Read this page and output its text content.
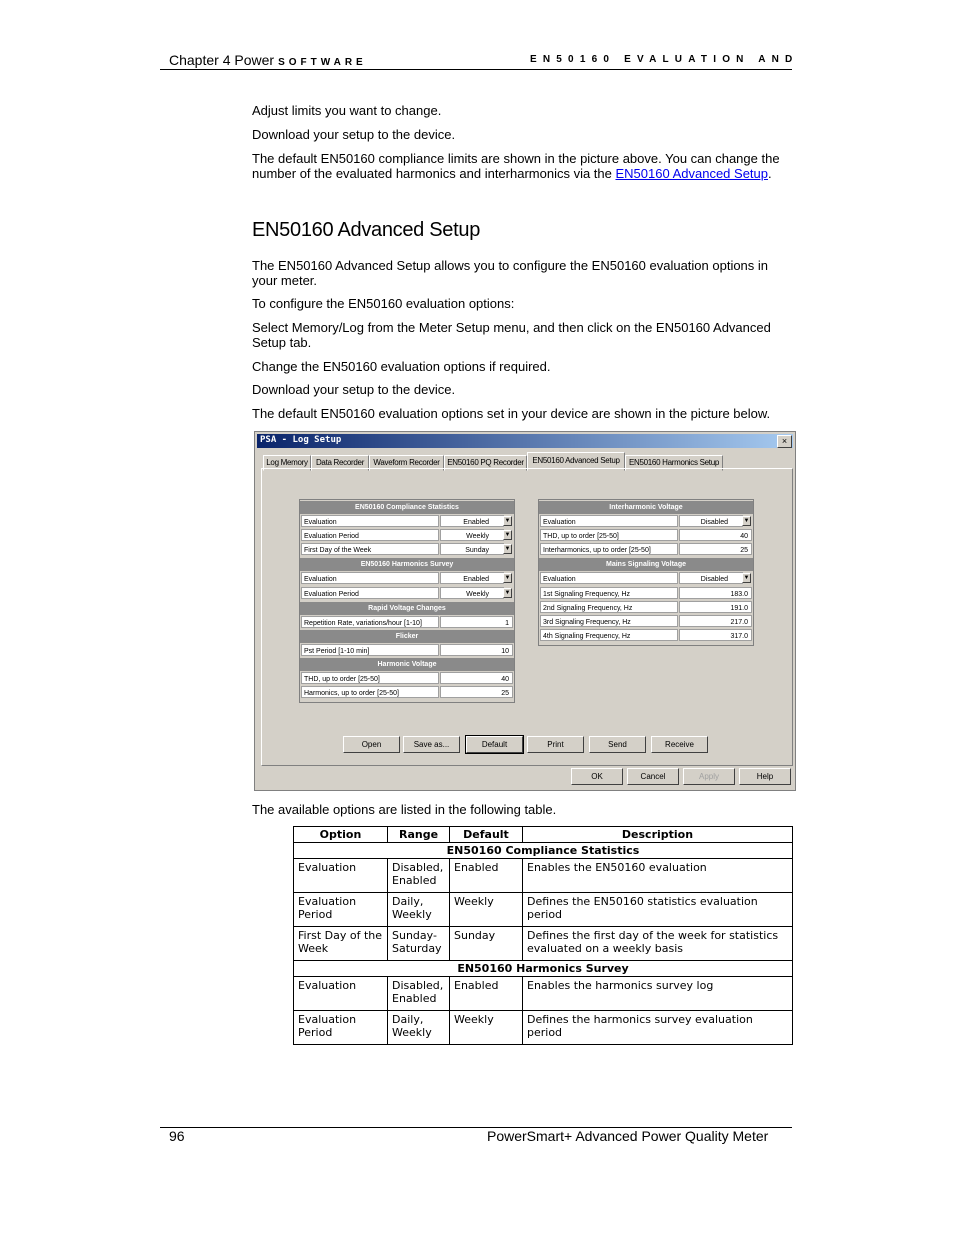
Chapter 4 Power SOFTWARE	EN50160 EVALUATION AND
Adjust limits you want to change.
Download your setup to the device.
The default EN50160 compliance limits are shown in the picture above. You can change the number of the evaluated harmonics and interharmonics via the EN50160 Advanced Setup.
EN50160 Advanced Setup
The EN50160 Advanced Setup allows you to configure the EN50160 evaluation options in your meter.
To configure the EN50160 evaluation options:
Select Memory/Log from the Meter Setup menu, and then click on the EN50160 Advanced Setup tab.
Change the EN50160 evaluation options if required.
Download your setup to the device.
The default EN50160 evaluation options set in your device are shown in the picture below.
PSA - Log Setup	×
Log Memory	Data Recorder	Waveform Recorder EN50160 PQ Recorder	EN50160 Advanced Setup	EN50160 Harmonics Setup
EN50160 Compliance Statistics
Evaluation	Enabled	▼
Evaluation Period	Weekly	▼
First Day of the Week	Sunday	▼
EN50160 Harmonics Survey
Evaluation	Enabled	▼
Evaluation Period	Weekly	▼
Rapid Voltage Changes
Repetition Rate, variations/hour [1-10]	1
Flicker
Pst Period [1-10 min]	10
Harmonic Voltage
THD, up to order [25-50]	40
Harmonics, up to order [25-50]	25
Interharmonic Voltage
Evaluation	Disabled	▼
THD, up to order [25-50]	40
Interharmonics, up to order [25-50]	25
Mains Signaling Voltage
Evaluation	Disabled	▼
1st Signaling Frequency, Hz	183.0
2nd Signaling Frequency, Hz	191.0
3rd Signaling Frequency, Hz	217.0
4th Signaling Frequency, Hz	317.0
Open	Save as...	Default	Print	Send	Receive
OK	Cancel	Apply	Help
The available options are listed in the following table.
Option	Range	Default	Description
EN50160 Compliance Statistics			
Evaluation	Disabled, Enabled	Enabled	Enables the EN50160 evaluation
Evaluation Period	Daily, Weekly	Weekly	Defines the EN50160 statistics evaluation period
First Day of the Week	Sunday-Saturday	Sunday	Defines the first day of the week for statistics evaluated on a weekly basis
EN50160 Harmonics Survey			
Evaluation	Disabled, Enabled	Enabled	Enables the harmonics survey log
Evaluation Period	Daily, Weekly	Weekly	Defines the harmonics survey evaluation period
96	PowerSmart+ Advanced Power Quality Meter
